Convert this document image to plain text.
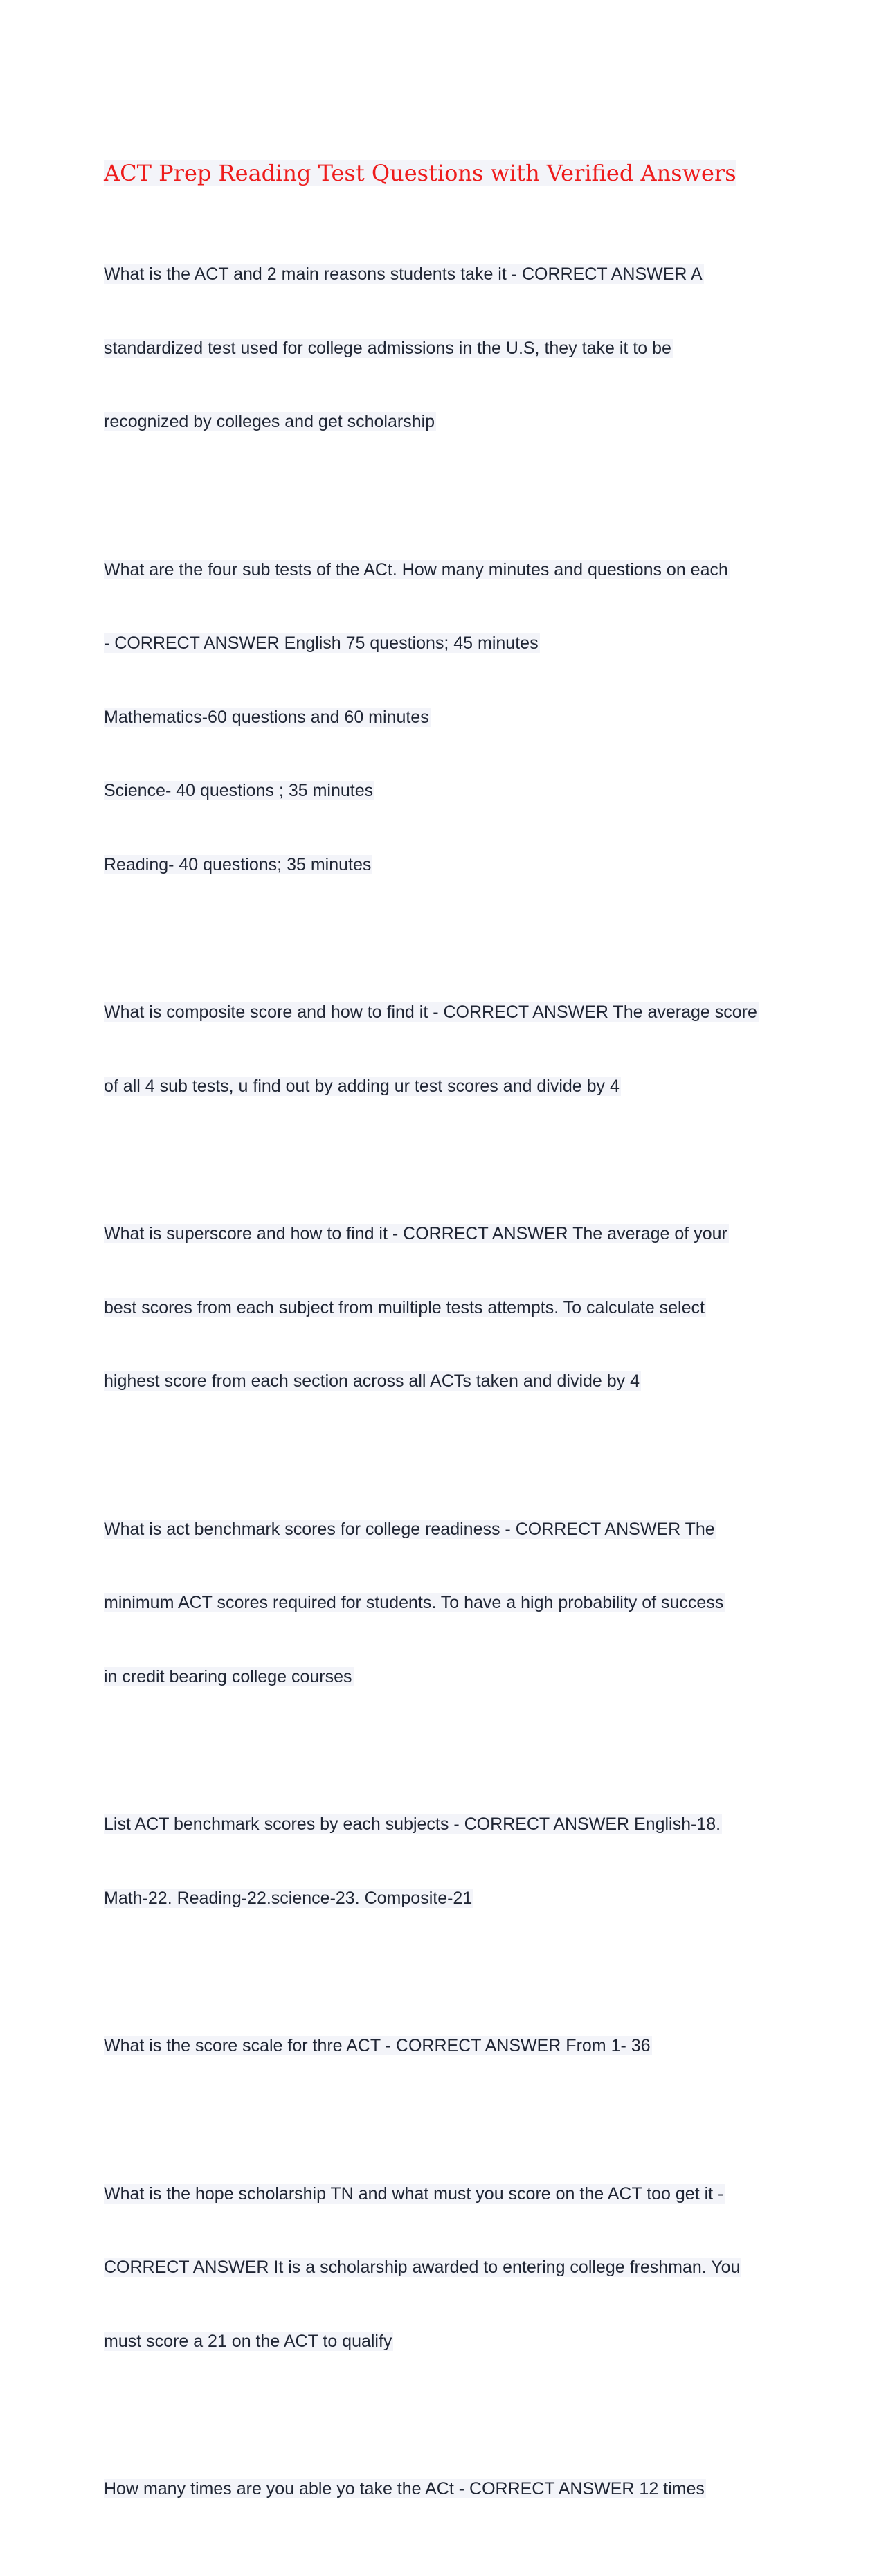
ACT Prep Reading Test Questions with Verified Answers

What is the ACT and 2 main reasons students take it - CORRECT ANSWER A

standardized test used for college admissions in the U.S, they take it to be

recognized by colleges and get scholarship

What are the four sub tests of the ACt. How many minutes and questions on each

- CORRECT ANSWER English 75 questions; 45 minutes

Mathematics-60 questions and 60 minutes

Science- 40 questions ; 35 minutes

Reading- 40 questions; 35 minutes

What is composite score and how to find it - CORRECT ANSWER The average score

of all 4 sub tests, u find out by adding ur test scores and divide by 4

What is superscore and how to find it - CORRECT ANSWER The average of your

best scores from each subject from muiltiple tests attempts. To calculate select

highest score from each section across all ACTs taken and divide by 4

What is act benchmark scores for college readiness - CORRECT ANSWER The

minimum ACT scores required for students. To have a high probability of success

in credit bearing college courses

List ACT benchmark scores by each subjects - CORRECT ANSWER English-18.

Math-22. Reading-22.science-23. Composite-21

What is the score scale for thre ACT - CORRECT ANSWER From 1- 36

What is the hope scholarship TN and what must you score on the ACT too get it -

CORRECT ANSWER It is a scholarship awarded to entering college freshman. You

must score a 21 on the ACT to qualify

How many times are you able yo take the ACt - CORRECT ANSWER 12 times
